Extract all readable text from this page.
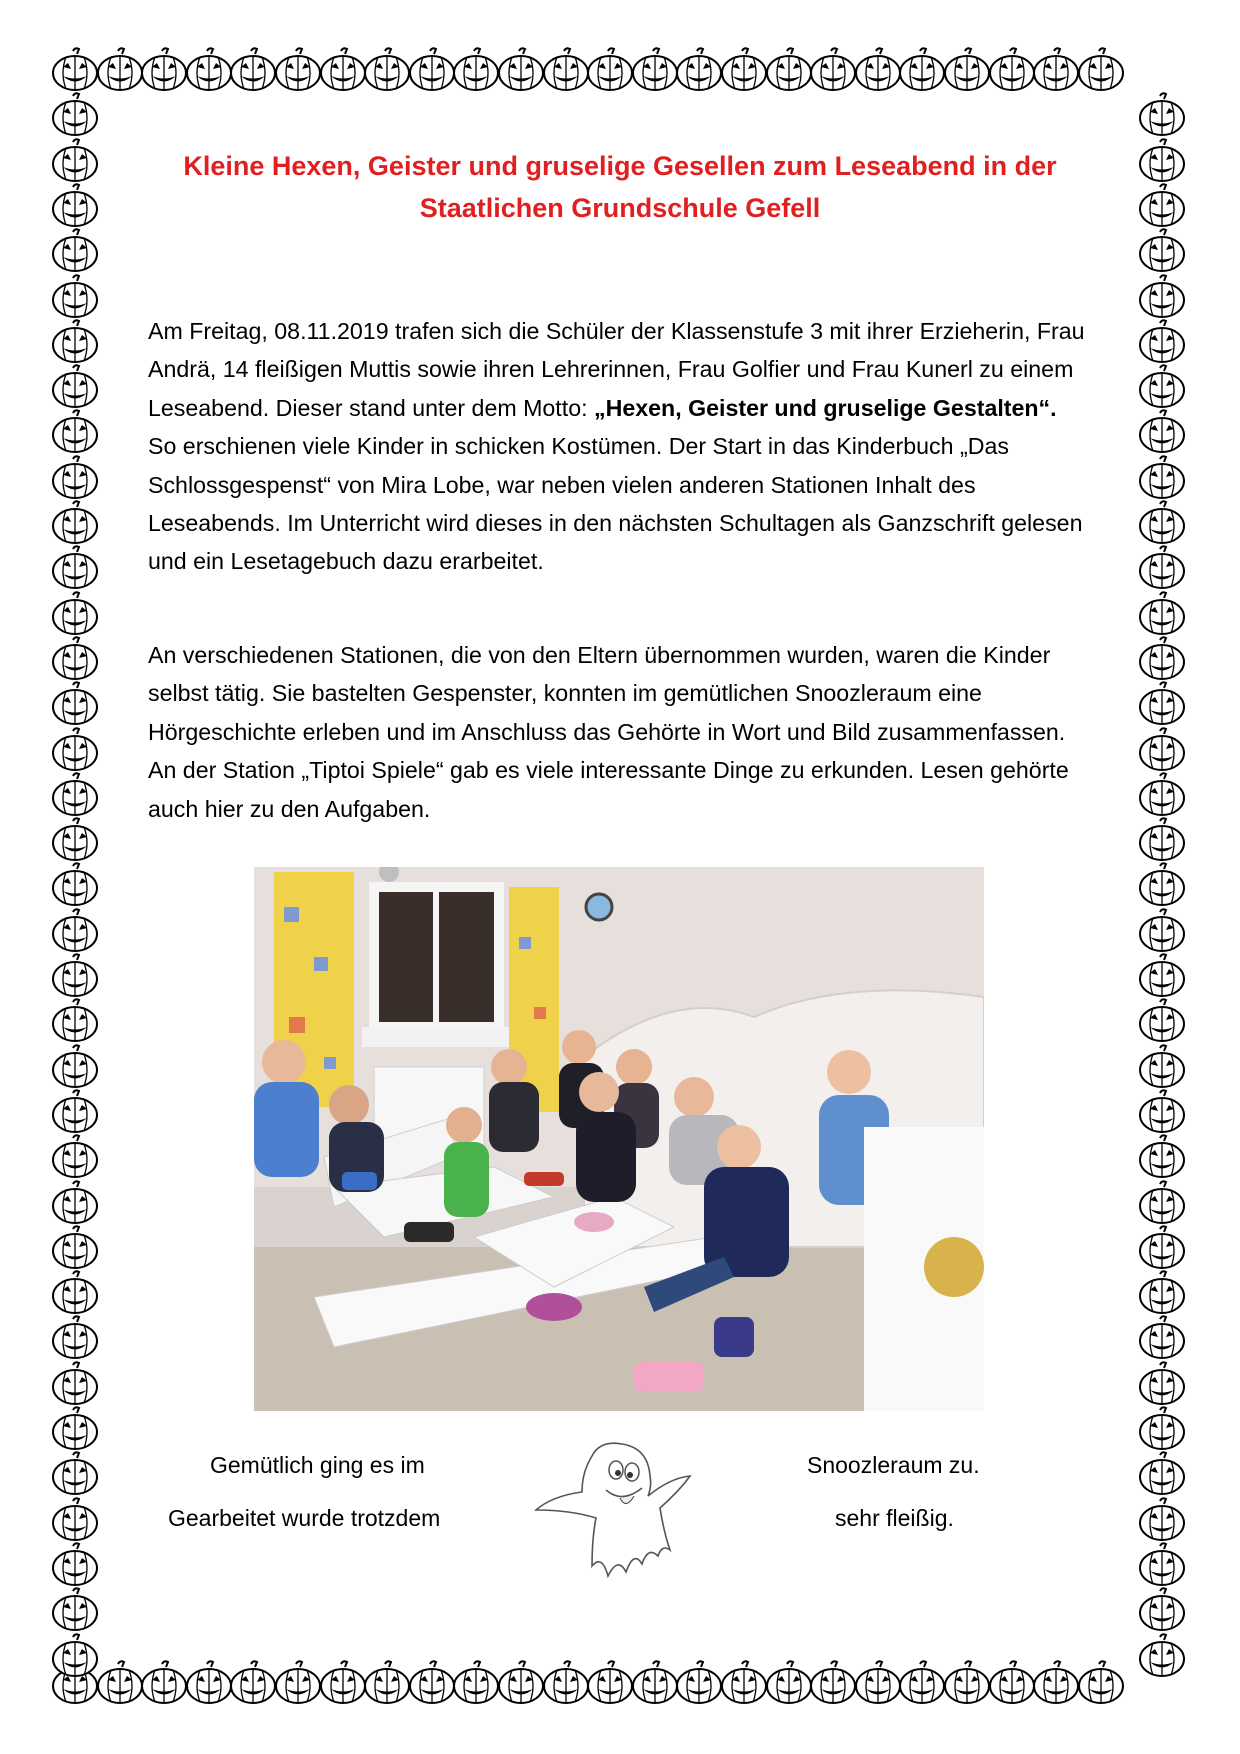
Kleine Hexen, Geister und gruselige Gesellen zum Leseabend in der Staatlichen Grundschule Gefell

Am Freitag, 08.11.2019 trafen sich die Schüler der Klassenstufe 3 mit ihrer Erzieherin, Frau Andrä, 14 fleißigen Muttis sowie ihren Lehrerinnen, Frau Golfier und Frau Kunerl zu einem Leseabend. Dieser stand unter dem Motto: „Hexen, Geister und gruselige Gestalten“. So erschienen viele Kinder in schicken Kostümen. Der Start in das Kinderbuch „Das Schlossgespenst“ von Mira Lobe, war neben vielen anderen Stationen Inhalt des Leseabends. Im Unterricht wird dieses in den nächsten Schultagen als Ganzschrift gelesen und ein Lesetagebuch dazu erarbeitet.

An verschiedenen Stationen, die von den Eltern übernommen wurden, waren die Kinder selbst tätig. Sie bastelten Gespenster, konnten im gemütlichen Snoozleraum eine Hörgeschichte erleben und im Anschluss das Gehörte in Wort und Bild zusammenfassen. An der Station „Tiptoi Spiele“ gab es viele interessante Dinge zu erkunden. Lesen gehörte auch hier zu den Aufgaben.

Gemütlich ging es im
Gearbeitet wurde trotzdem
Snoozleraum zu.
sehr fleißig.
